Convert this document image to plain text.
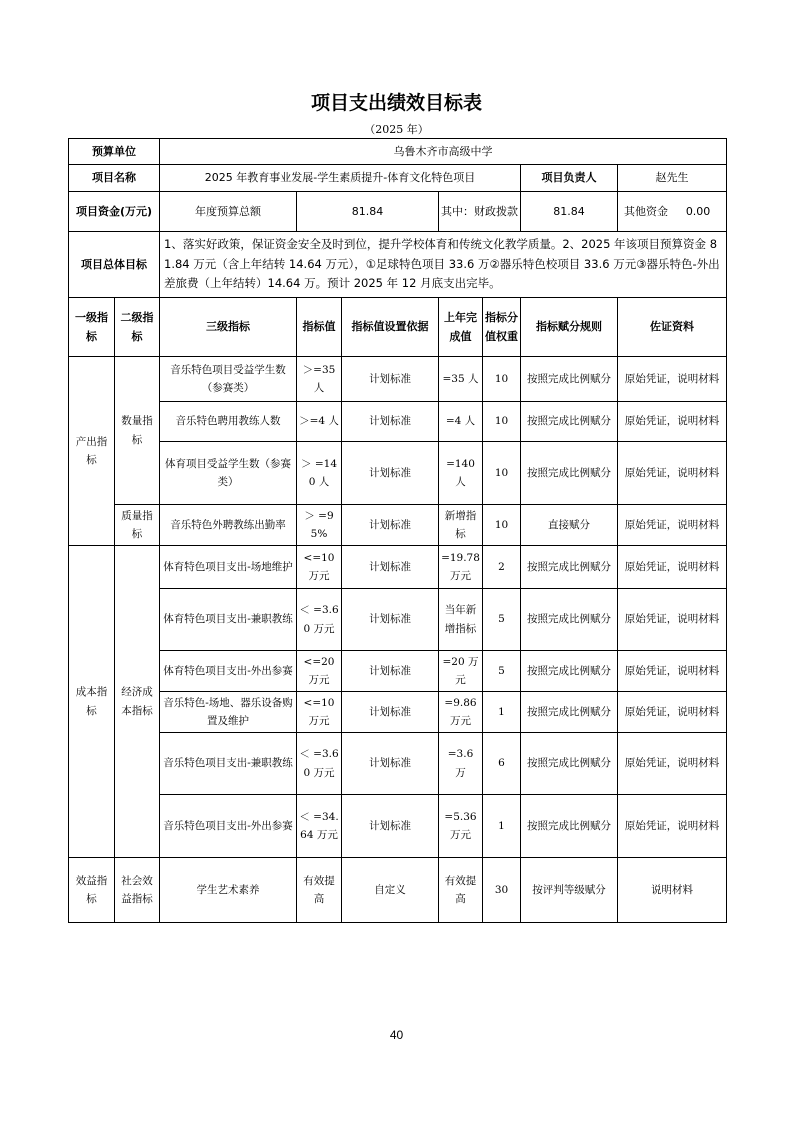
项目支出绩效目标表
（2025 年）
预算单位		乌鲁木齐市高级中学						
项目名称		2025 年教育事业发展-学生素质提升-体育文化特色项目					项目负责人	赵先生
项目资金(万元)		年度预算总额	81.84		其中：财政拨款		81.84	其他资金 0.00

项目总体目标		1、落实好政策，保证资金安全及时到位，提升学校体育和传统文化教学质量。2、2025 年该项目预算资金 81.84 万元（含上年结转 14.64 万元），①足球特色项目 33.6 万②器乐特色校项目 33.6 万元③器乐特色-外出差旅费（上年结转）14.64 万。预计 2025 年 12 月底支出完毕。						
一级指标	二级指标	三级指标	指标值	指标值设置依据	上年完成值	指标分值权重	指标赋分规则	佐证资料
产出指标	数量指标	音乐特色项目受益学生数（参赛类）	＞=35 人	计划标准	=35 人	10	按照完成比例赋分	原始凭证，说明材料
		音乐特色聘用教练人数	＞=4 人	计划标准	=4 人	10	按照完成比例赋分	原始凭证，说明材料
		体育项目受益学生数（参赛类）	＞ =140 人	计划标准	=140 人	10	按照完成比例赋分	原始凭证，说明材料
	质量指标	音乐特色外聘教练出勤率	＞ =95%	计划标准	新增指标	10	直接赋分	原始凭证，说明材料
成本指标	经济成本指标	体育特色项目支出-场地维护	<=10 万元	计划标准	=19.78 万元	2	按照完成比例赋分	原始凭证，说明材料
		体育特色项目支出-兼职教练	＜ =3.60 万元	计划标准	当年新增指标	5	按照完成比例赋分	原始凭证，说明材料
		体育特色项目支出-外出参赛	<=20 万元	计划标准	=20 万元	5	按照完成比例赋分	原始凭证，说明材料
		音乐特色-场地、器乐设备购置及维护	<=10 万元	计划标准	=9.86 万元	1	按照完成比例赋分	原始凭证，说明材料
		音乐特色项目支出-兼职教练	＜ =3.60 万元	计划标准	=3.6 万	6	按照完成比例赋分	原始凭证，说明材料
		音乐特色项目支出-外出参赛	＜ =34.64 万元	计划标准	=5.36 万元	1	按照完成比例赋分	原始凭证，说明材料
效益指标	社会效益指标	学生艺术素养	有效提高	自定义	有效提高	30	按评判等级赋分	说明材料
40
